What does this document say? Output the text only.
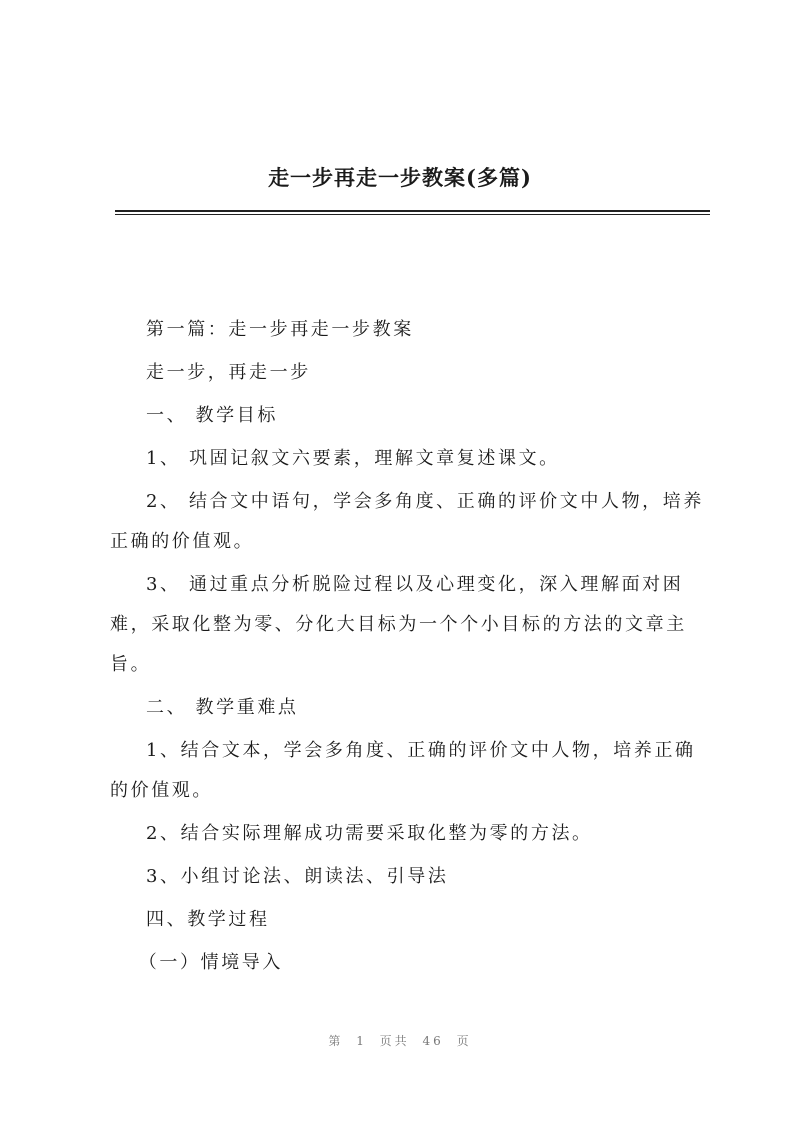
走一步再走一步教案(多篇)

第一篇：走一步再走一步教案

走一步，再走一步

一、 教学目标

1、 巩固记叙文六要素，理解文章复述课文。

2、 结合文中语句，学会多角度、正确的评价文中人物，培养正确的价值观。

3、 通过重点分析脱险过程以及心理变化，深入理解面对困难，采取化整为零、分化大目标为一个个小目标的方法的文章主旨。

二、 教学重难点

1、结合文本，学会多角度、正确的评价文中人物，培养正确的价值观。

2、结合实际理解成功需要采取化整为零的方法。

3、小组讨论法、朗读法、引导法

四、教学过程

（一）情境导入

第 1 页共 46 页
